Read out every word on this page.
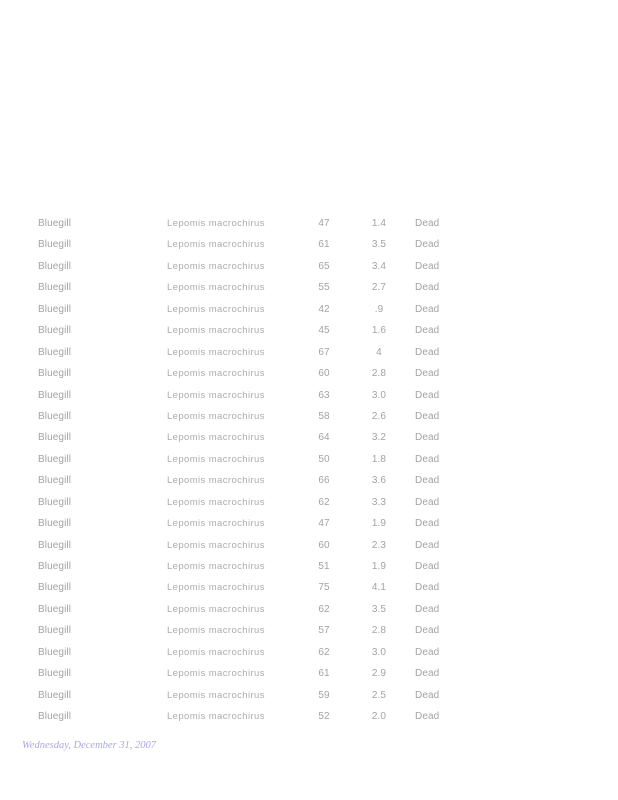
Bluegill	Lepomis macrochirus	47	1.4	Dead
Bluegill	Lepomis macrochirus	61	3.5	Dead
Bluegill	Lepomis macrochirus	65	3.4	Dead
Bluegill	Lepomis macrochirus	55	2.7	Dead
Bluegill	Lepomis macrochirus	42	.9	Dead
Bluegill	Lepomis macrochirus	45	1.6	Dead
Bluegill	Lepomis macrochirus	67	4	Dead
Bluegill	Lepomis macrochirus	60	2.8	Dead
Bluegill	Lepomis macrochirus	63	3.0	Dead
Bluegill	Lepomis macrochirus	58	2.6	Dead
Bluegill	Lepomis macrochirus	64	3.2	Dead
Bluegill	Lepomis macrochirus	50	1.8	Dead
Bluegill	Lepomis macrochirus	66	3.6	Dead
Bluegill	Lepomis macrochirus	62	3.3	Dead
Bluegill	Lepomis macrochirus	47	1.9	Dead
Bluegill	Lepomis macrochirus	60	2.3	Dead
Bluegill	Lepomis macrochirus	51	1.9	Dead
Bluegill	Lepomis macrochirus	75	4.1	Dead
Bluegill	Lepomis macrochirus	62	3.5	Dead
Bluegill	Lepomis macrochirus	57	2.8	Dead
Bluegill	Lepomis macrochirus	62	3.0	Dead
Bluegill	Lepomis macrochirus	61	2.9	Dead
Bluegill	Lepomis macrochirus	59	2.5	Dead
Bluegill	Lepomis macrochirus	52	2.0	Dead
Wednesday, December 31, 2007
